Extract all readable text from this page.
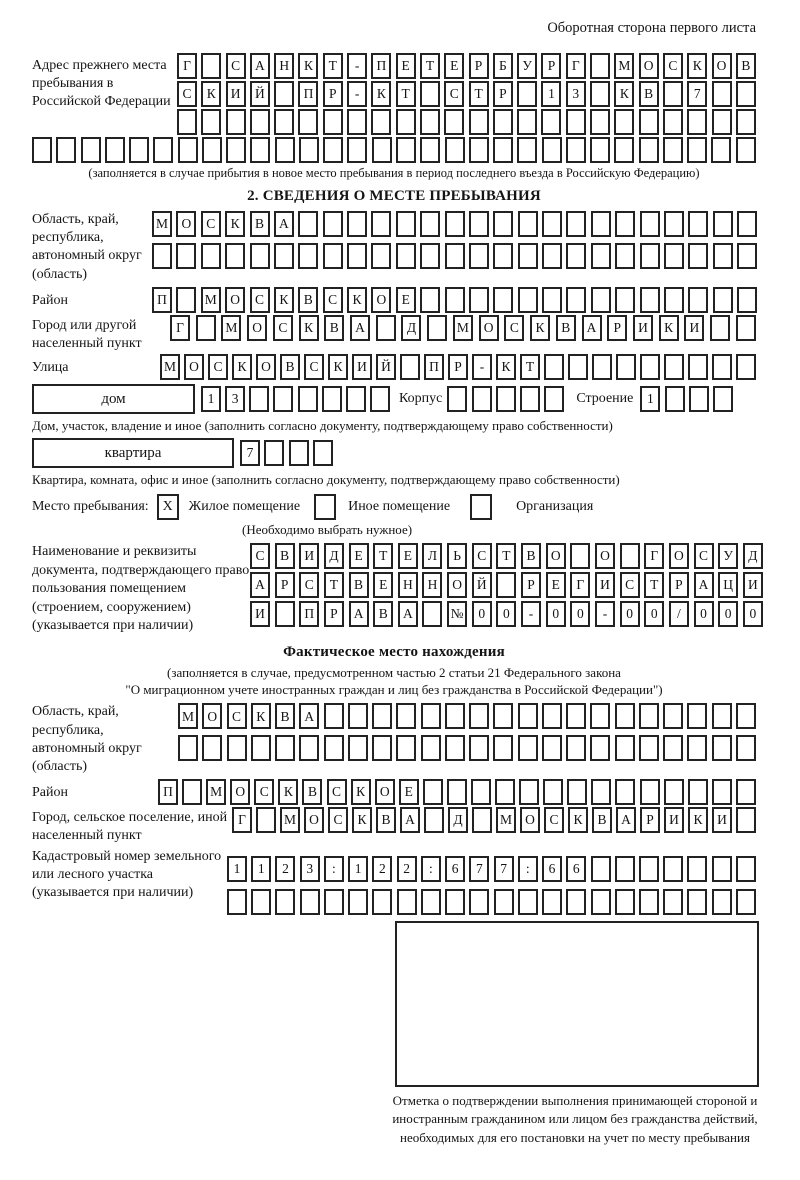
Оборотная сторона первого листа
Адрес прежнего места пребывания в Российской Федерации
Г	С	А	Н	К	Т	-	П	Е	Т	Е	Р	Б	У	Р	Г	М О	С	К	О	В
С	К	И	Й	П	Р	-	К	Т	С	Т	Р	1	3	К	В	7
(заполняется в случае прибытия в новое место пребывания в период последнего въезда в Российскую Федерацию)
2. СВЕДЕНИЯ О МЕСТЕ ПРЕБЫВАНИЯ
Область, край, республика, автономный округ (область)
М	О	С	К	В	А
Район	П	М	О	С	К	В	С	К	О	Е
Город или другой населенный пункт
Г	М	О	С	К	В	А	Д	М	О	С	К	В	А	Р	И	К	И
Улица	М О	С	К	О	В	С	К	И	Й	П	Р	-	К	Т
дом	1	3	Корпус	Строение	1
Дом, участок, владение и иное (заполнить согласно документу, подтверждающему право собственности)
квартира	7
Квартира, комната, офис и иное (заполнить согласно документу, подтверждающему право собственности)
Место пребывания: X	Жилое помещение	Иное помещение	Организация
(Необходимо выбрать нужное)
Наименование и реквизиты документа, подтверждающего право пользования помещением (строением, сооружением) (указывается при наличии)
С	В	И	Д	Е	Т	Е	Л	Ь	С	Т	В	О	О	Г	О	С	У	Д
А	Р	С	Т	В	Е	Н	Н	О	Й	Р	Е	Г	И	С	Т	Р	А	Ц	И
И	П	Р	А	В	А	№	0	0	-	0	0	-	0	0	/	0	0	0
Фактическое место нахождения
(заполняется в случае, предусмотренном частью 2 статьи 21 Федерального закона
"О миграционном учете иностранных граждан и лиц без гражданства в Российской Федерации")
Область, край, республика, автономный округ (область)
М О	С	К	В	А
Район	П	М О	С	К	В	С	К	О	Е
Город, сельское поселение, иной населенный пункт
Г	М О	С	К	В	А	Д	М О	С	К	В	А	Р	И	К	И
Кадастровый номер земельного или лесного участка (указывается при наличии)
1	1	2	3	:	1	2	2	:	6	7	7	:	6	6
Отметка о подтверждении выполнения принимающей стороной и иностранным гражданином или лицом без гражданства действий, необходимых для его постановки на учет по месту пребывания
